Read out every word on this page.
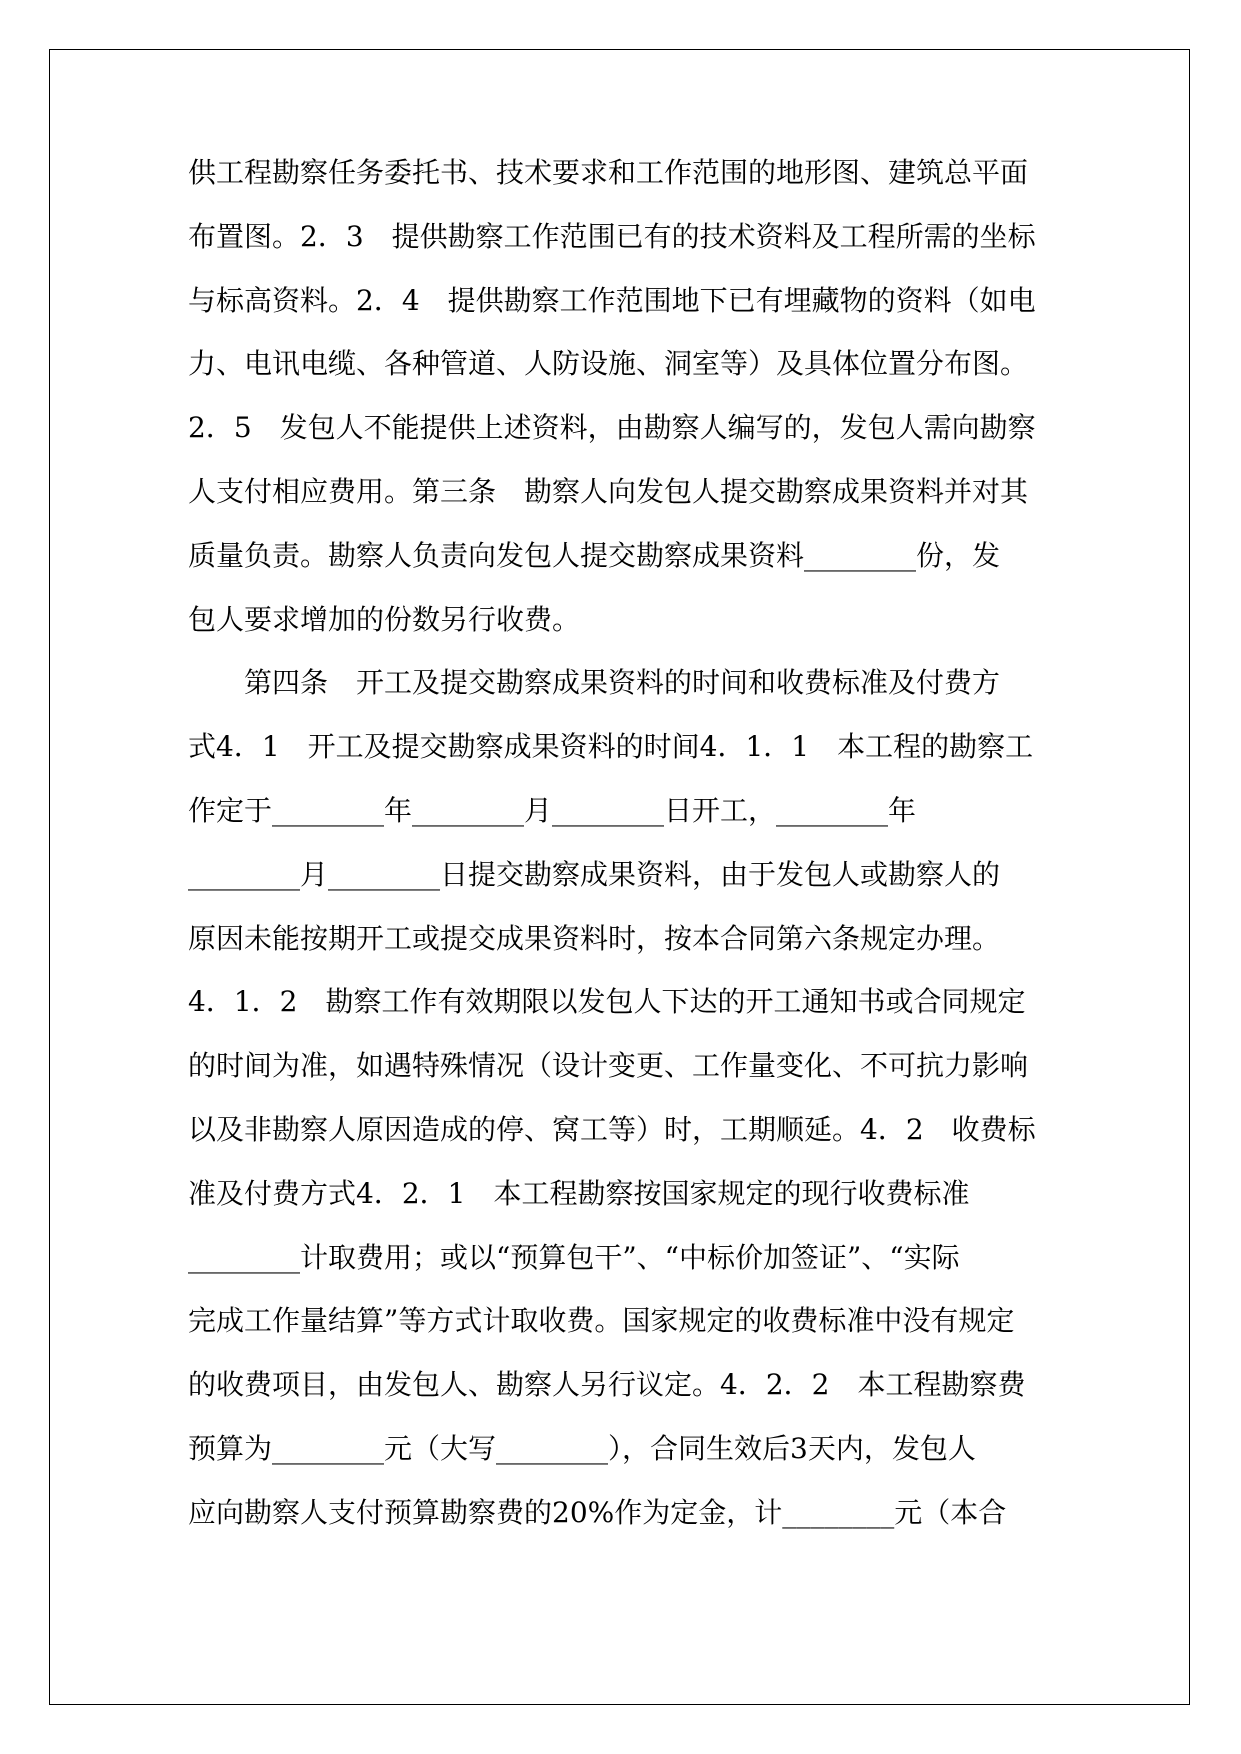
供工程勘察任务委托书、技术要求和工作范围的地形图、建筑总平面
布置图。2．3　提供勘察工作范围已有的技术资料及工程所需的坐标
与标高资料。2．4　提供勘察工作范围地下已有埋藏物的资料（如电
力、电讯电缆、各种管道、人防设施、洞室等）及具体位置分布图。
2．5　发包人不能提供上述资料，由勘察人编写的，发包人需向勘察
人支付相应费用。第三条　勘察人向发包人提交勘察成果资料并对其
质量负责。勘察人负责向发包人提交勘察成果资料________份，发
包人要求增加的份数另行收费。
　　第四条　开工及提交勘察成果资料的时间和收费标准及付费方
式4．1　开工及提交勘察成果资料的时间4．1．1　本工程的勘察工
作定于________年________月________日开工，________年
________月________日提交勘察成果资料，由于发包人或勘察人的
原因未能按期开工或提交成果资料时，按本合同第六条规定办理。
4．1．2　勘察工作有效期限以发包人下达的开工通知书或合同规定
的时间为准，如遇特殊情况（设计变更、工作量变化、不可抗力影响
以及非勘察人原因造成的停、窝工等）时，工期顺延。4．2　收费标
准及付费方式4．2．1　本工程勘察按国家规定的现行收费标准
________计取费用；或以“预算包干”、“中标价加签证”、“实际
完成工作量结算”等方式计取收费。国家规定的收费标准中没有规定
的收费项目，由发包人、勘察人另行议定。4．2．2　本工程勘察费
预算为________元（大写________），合同生效后3天内，发包人
应向勘察人支付预算勘察费的20%作为定金，计________元（本合
